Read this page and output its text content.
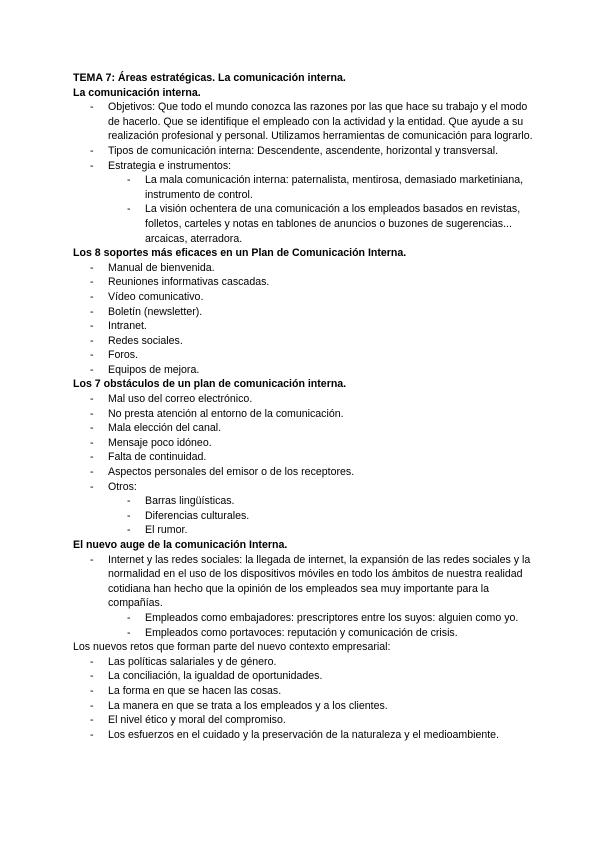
TEMA 7: Áreas estratégicas. La comunicación interna.
La comunicación interna.
- Objetivos: Que todo el mundo conozca las razones por las que hace su trabajo y el modo de hacerlo. Que se identifique el empleado con la actividad y la entidad. Que ayude a su realización profesional y personal. Utilizamos herramientas de comunicación para lograrlo.
- Tipos de comunicación interna: Descendente, ascendente, horizontal y transversal.
- Estrategia e instrumentos:
- La mala comunicación interna: paternalista, mentirosa, demasiado marketiniana, instrumento de control.
- La visión ochentera de una comunicación a los empleados basados en revistas, folletos, carteles y notas en tablones de anuncios o buzones de sugerencias... arcaicas, aterradora.
Los 8 soportes más eficaces en un Plan de Comunicación Interna.
- Manual de bienvenida.
- Reuniones informativas cascadas.
- Vídeo comunicativo.
- Boletín (newsletter).
- Intranet.
- Redes sociales.
- Foros.
- Equipos de mejora.
Los 7 obstáculos de un plan de comunicación interna.
- Mal uso del correo electrónico.
- No presta atención al entorno de la comunicación.
- Mala elección del canal.
- Mensaje poco idóneo.
- Falta de continuidad.
- Aspectos personales del emisor o de los receptores.
- Otros:
- Barras lingüísticas.
- Diferencias culturales.
- El rumor.
El nuevo auge de la comunicación Interna.
- Internet y las redes sociales: la llegada de internet, la expansión de las redes sociales y la normalidad en el uso de los dispositivos móviles en todo los ámbitos de nuestra realidad cotidiana han hecho que la opinión de los empleados sea muy importante para la compañías.
- Empleados como embajadores: prescriptores entre los suyos: alguien como yo.
- Empleados como portavoces: reputación y comunicación de crisis.

Los nuevos retos que forman parte del nuevo contexto empresarial:

- Las políticas salariales y de género.
- La conciliación, la igualdad de oportunidades.
- La forma en que se hacen las cosas.
- La manera en que se trata a los empleados y a los clientes.
- El nivel ético y moral del compromiso.
- Los esfuerzos en el cuidado y la preservación de la naturaleza y el medioambiente.
